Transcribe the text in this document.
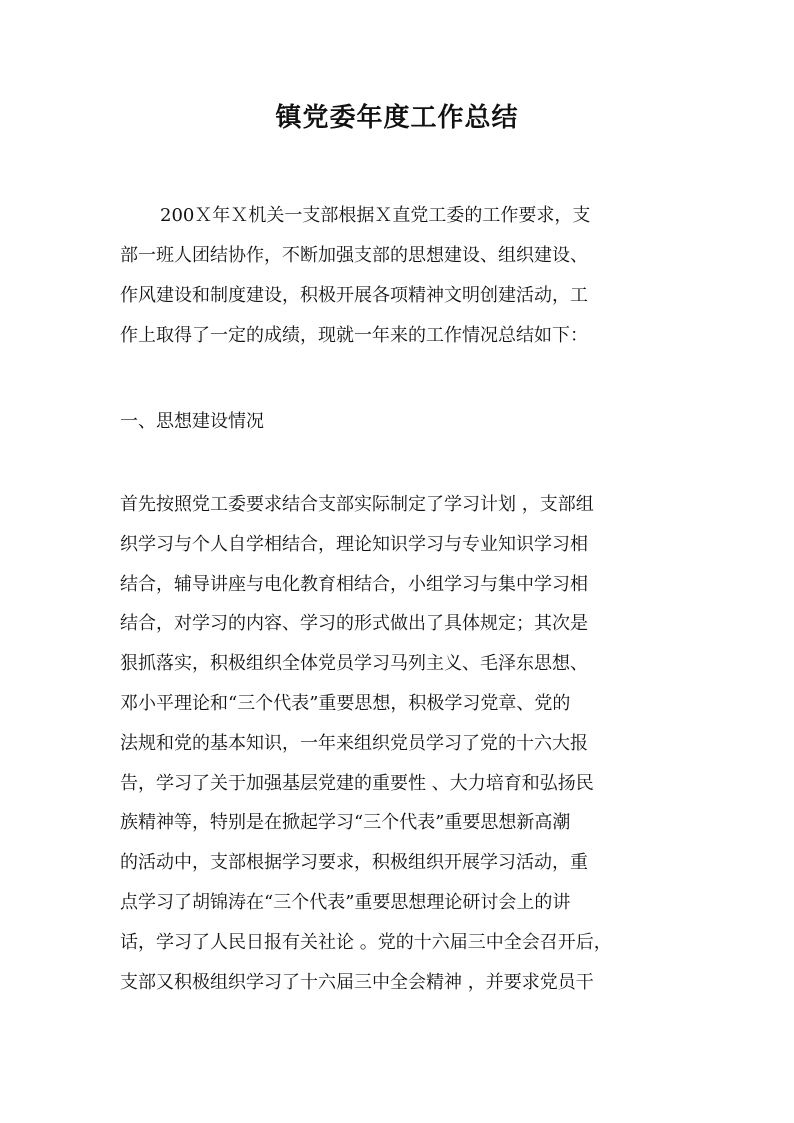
镇党委年度工作总结

200Ｘ年Ｘ机关一支部根据Ｘ直党工委的工作要求，支
部一班人团结协作，不断加强支部的思想建设、组织建设、
作风建设和制度建设，积极开展各项精神文明创建活动，工
作上取得了一定的成绩，现就一年来的工作情况总结如下：

一、思想建设情况

首先按照党工委要求结合支部实际制定了学习计划 ，支部组
织学习与个人自学相结合，理论知识学习与专业知识学习相
结合，辅导讲座与电化教育相结合，小组学习与集中学习相
结合，对学习的内容、学习的形式做出了具体规定；其次是
狠抓落实，积极组织全体党员学习马列主义、毛泽东思想、
邓小平理论和“三个代表”重要思想，积极学习党章、党的
法规和党的基本知识，一年来组织党员学习了党的十六大报
告，学习了关于加强基层党建的重要性 、大力培育和弘扬民
族精神等，特别是在掀起学习“三个代表”重要思想新高潮
的活动中，支部根据学习要求，积极组织开展学习活动，重
点学习了胡锦涛在“三个代表”重要思想理论研讨会上的讲
话，学习了人民日报有关社论 。党的十六届三中全会召开后，
支部又积极组织学习了十六届三中全会精神 ，并要求党员干
